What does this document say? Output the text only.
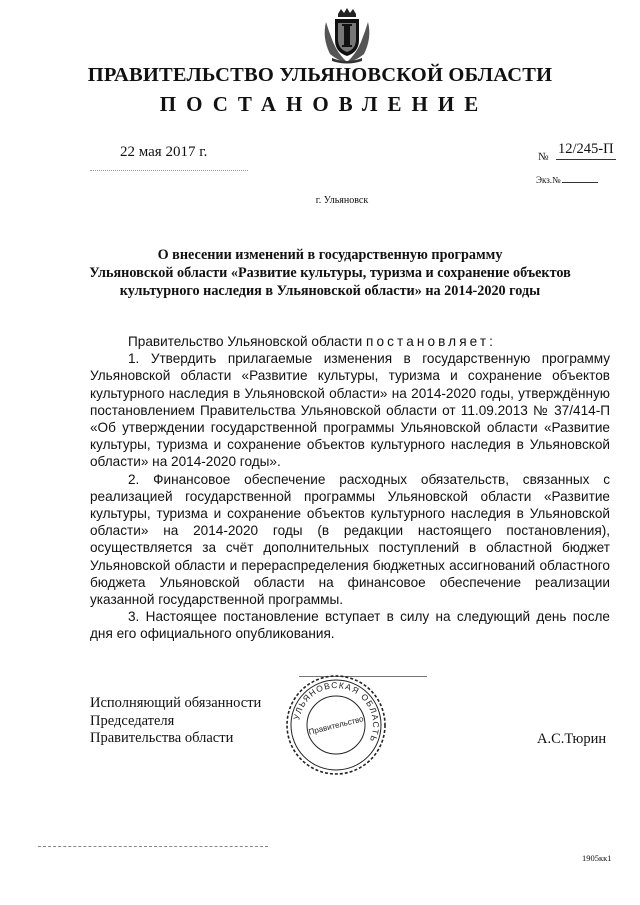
ПРАВИТЕЛЬСТВО УЛЬЯНОВСКОЙ ОБЛАСТИ
ПОСТАНОВЛЕНИЕ
22 мая 2017 г.	№ 12/245-П
Экз.№
г. Ульяновск
О внесении изменений в государственную программу
Ульяновской области «Развитие культуры, туризма и сохранение объектов
культурного наследия в Ульяновской области» на 2014-2020 годы

Правительство Ульяновской области постановляет:

1. Утвердить прилагаемые изменения в государственную программу Ульяновской области «Развитие культуры, туризма и сохранение объектов культурного наследия в Ульяновской области» на 2014-2020 годы, утверждённую постановлением Правительства Ульяновской области от 11.09.2013 № 37/414-П «Об утверждении государственной программы Ульяновской области «Развитие культуры, туризма и сохранение объектов культурного наследия в Ульяновской области» на 2014-2020 годы».

2. Финансовое обеспечение расходных обязательств, связанных с реализацией государственной программы Ульяновской области «Развитие культуры, туризма и сохранение объектов культурного наследия в Ульяновской области» на 2014-2020 годы (в редакции настоящего постановления), осуществляется за счёт дополнительных поступлений в областной бюджет Ульяновской области и перераспределения бюджетных ассигнований областного бюджета Ульяновской области на финансовое обеспечение реализации указанной государственной программы.

3. Настоящее постановление вступает в силу на следующий день после дня его официального опубликования.

УЛЬЯНОВСКАЯ ОБЛАСТЬ
Правительство
Исполняющий обязанности
Председателя
Правительства области	А.С.Тюрин
1905кк1
